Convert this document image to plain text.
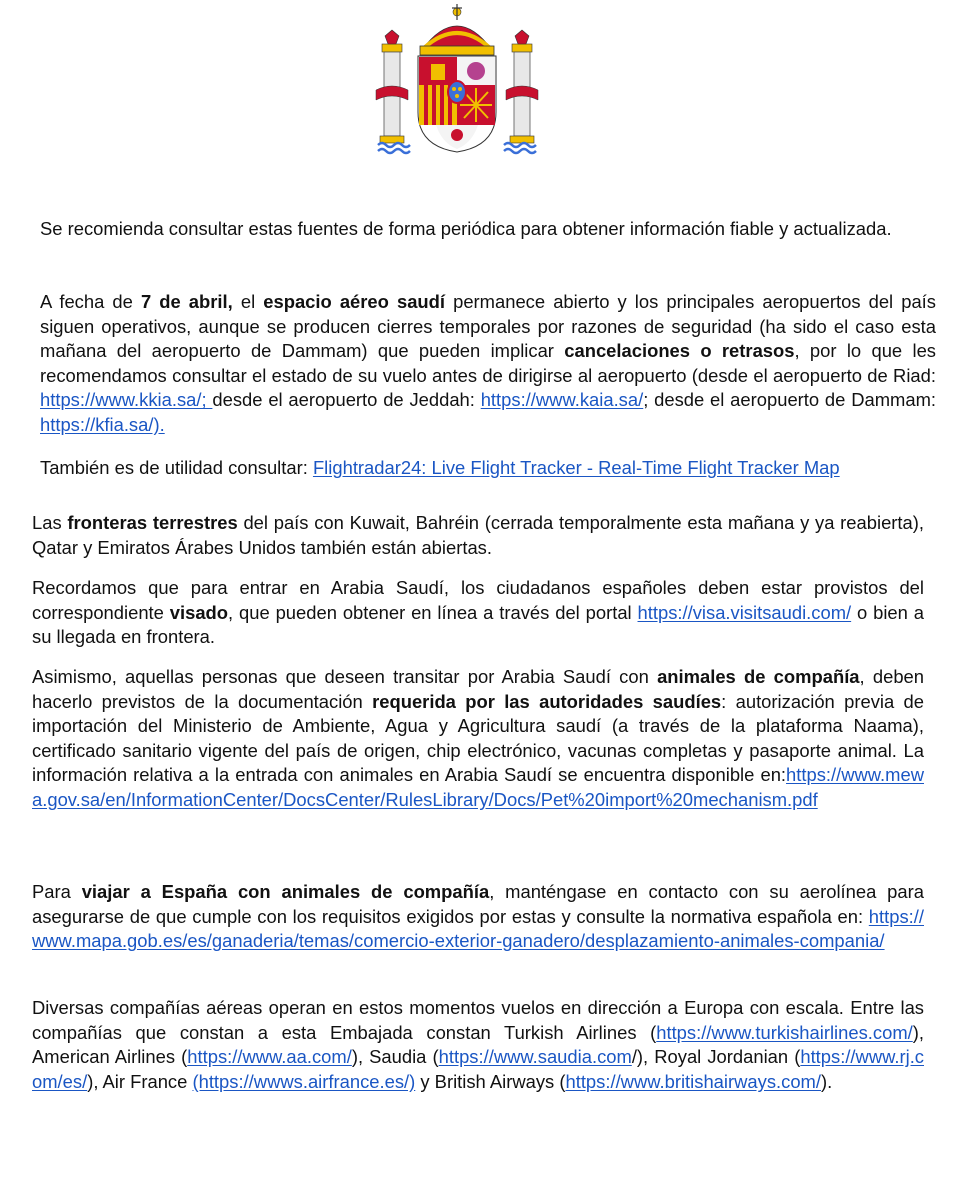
Se recomienda consultar estas fuentes de forma periódica para obtener información fiable y actualizada.

A fecha de 7 de abril, el espacio aéreo saudí permanece abierto y los principales aeropuertos del país siguen operativos, aunque se producen cierres temporales por razones de seguridad (ha sido el caso esta mañana del aeropuerto de Dammam) que pueden implicar cancelaciones o retrasos, por lo que les recomendamos consultar el estado de su vuelo antes de dirigirse al aeropuerto (desde el aeropuerto de Riad: https://www.kkia.sa/; desde el aeropuerto de Jeddah: https://www.kaia.sa/; desde el aeropuerto de Dammam: https://kfia.sa/).

También es de utilidad consultar: Flightradar24: Live Flight Tracker - Real-Time Flight Tracker Map

Las fronteras terrestres del país con Kuwait, Bahréin (cerrada temporalmente esta mañana y ya reabierta), Qatar y Emiratos Árabes Unidos también están abiertas.

Recordamos que para entrar en Arabia Saudí, los ciudadanos españoles deben estar provistos del correspondiente visado, que pueden obtener en línea a través del portal https://visa.visitsaudi.com/ o bien a su llegada en frontera.

Asimismo, aquellas personas que deseen transitar por Arabia Saudí con animales de compañía, deben hacerlo previstos de la documentación requerida por las autoridades saudíes: autorización previa de importación del Ministerio de Ambiente, Agua y Agricultura saudí (a través de la plataforma Naama), certificado sanitario vigente del país de origen, chip electrónico, vacunas completas y pasaporte animal. La información relativa a la entrada con animales en Arabia Saudí se encuentra disponible en:https://www.mewa.gov.sa/en/InformationCenter/DocsCenter/RulesLibrary/Docs/Pet%20import%20mechanism.pdf

Para viajar a España con animales de compañía, manténgase en contacto con su aerolínea para asegurarse de que cumple con los requisitos exigidos por estas y consulte la normativa española en: https://www.mapa.gob.es/es/ganaderia/temas/comercio-exterior-ganadero/desplazamiento-animales-compania/

Diversas compañías aéreas operan en estos momentos vuelos en dirección a Europa con escala. Entre las compañías que constan a esta Embajada constan Turkish Airlines (https://www.turkishairlines.com/), American Airlines (https://www.aa.com/), Saudia (https://www.saudia.com/), Royal Jordanian (https://www.rj.com/es/), Air France (https://wwws.airfrance.es/) y British Airways (https://www.britishairways.com/).
